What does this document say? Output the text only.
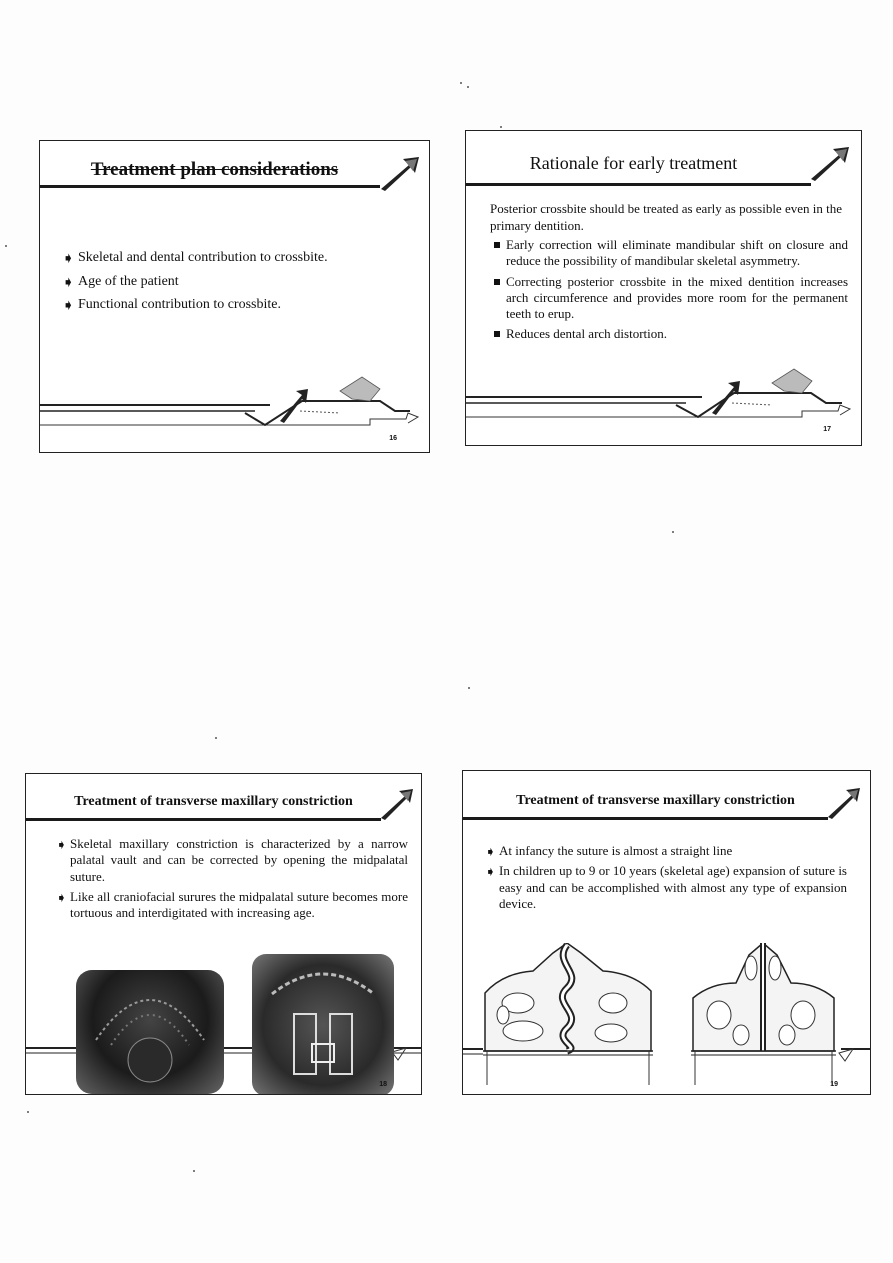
Treatment plan considerations
➧ Skeletal and dental contribution to crossbite.
➧ Age of the patient
➧ Functional contribution to crossbite.
16
Rationale for early treatment
Posterior crossbite should be treated as early as possible even in the primary dentition.
Early correction will eliminate mandibular shift on closure and reduce the possibility of mandibular skeletal asymmetry.
Correcting posterior crossbite in the mixed dentition increases arch circumference and provides more room for the permanent teeth to erup.
Reduces dental arch distortion.
17
Treatment of transverse maxillary constriction
➧ Skeletal maxillary constriction is characterized by a narrow palatal vault and can be corrected by opening the midpalatal suture.
➧ Like all craniofacial surures the midpalatal suture becomes more tortuous and interdigitated with increasing age.
18
Treatment of transverse maxillary constriction
➧ At infancy the suture is almost a straight line
➧ In children up to 9 or 10 years (skeletal age) expansion of suture is easy and can be accomplished with almost any type of expansion device.
19
